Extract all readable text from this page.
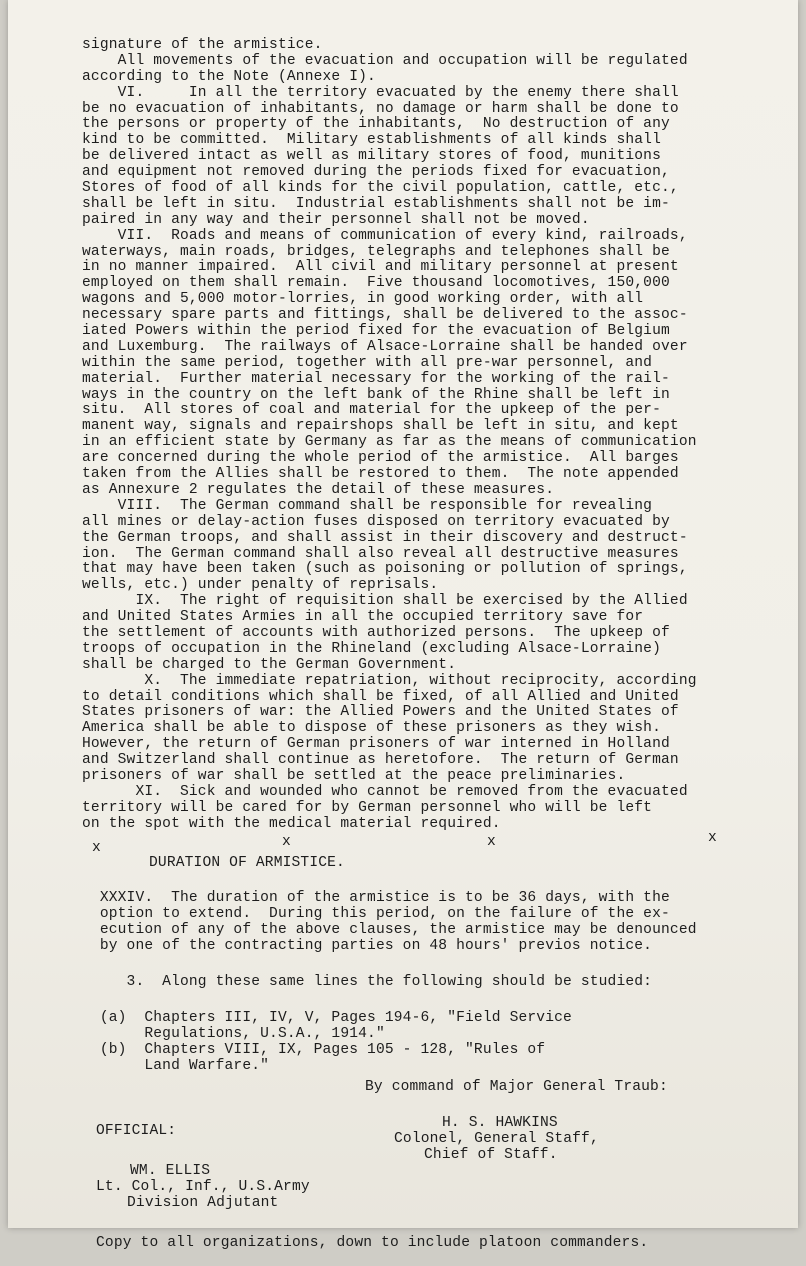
signature of the armistice.
All movements of the evacuation and occupation will be regulated
according to the Note (Annexe I).
VI.     In all the territory evacuated by the enemy there shall
be no evacuation of inhabitants, no damage or harm shall be done to
the persons or property of the inhabitants,  No destruction of any
kind to be committed.  Military establishments of all kinds shall
be delivered intact as well as military stores of food, munitions
and equipment not removed during the periods fixed for evacuation,
Stores of food of all kinds for the civil population, cattle, etc.,
shall be left in situ.  Industrial establishments shall not be im-
paired in any way and their personnel shall not be moved.
VII.  Roads and means of communication of every kind, railroads,
waterways, main roads, bridges, telegraphs and telephones shall be
in no manner impaired.  All civil and military personnel at present
employed on them shall remain.  Five thousand locomotives, 150,000
wagons and 5,000 motor-lorries, in good working order, with all
necessary spare parts and fittings, shall be delivered to the assoc-
iated Powers within the period fixed for the evacuation of Belgium
and Luxemburg.  The railways of Alsace-Lorraine shall be handed over
within the same period, together with all pre-war personnel, and
material.  Further material necessary for the working of the rail-
ways in the country on the left bank of the Rhine shall be left in
situ.  All stores of coal and material for the upkeep of the per-
manent way, signals and repairshops shall be left in situ, and kept
in an efficient state by Germany as far as the means of communication
are concerned during the whole period of the armistice.  All barges
taken from the Allies shall be restored to them.  The note appended
as Annexure 2 regulates the detail of these measures.
VIII.  The German command shall be responsible for revealing
all mines or delay-action fuses disposed on territory evacuated by
the German troops, and shall assist in their discovery and destruct-
ion.  The German command shall also reveal all destructive measures
that may have been taken (such as poisoning or pollution of springs,
wells, etc.) under penalty of reprisals.
IX.  The right of requisition shall be exercised by the Allied
and United States Armies in all the occupied territory save for
the settlement of accounts with authorized persons.  The upkeep of
troops of occupation in the Rhineland (excluding Alsace-Lorraine)
shall be charged to the German Government.
X.  The immediate repatriation, without reciprocity, according
to detail conditions which shall be fixed, of all Allied and United
States prisoners of war: the Allied Powers and the United States of
America shall be able to dispose of these prisoners as they wish.
However, the return of German prisoners of war interned in Holland
and Switzerland shall continue as heretofore.  The return of German
prisoners of war shall be settled at the peace preliminaries.
XI.  Sick and wounded who cannot be removed from the evacuated
territory will be cared for by German personnel who will be left
on the spot with the medical material required.
x	x	x	x
DURATION OF ARMISTICE.
XXXIV.  The duration of the armistice is to be 36 days, with the
option to extend.  During this period, on the failure of the ex-
ecution of any of the above clauses, the armistice may be denounced
by one of the contracting parties on 48 hours' previos notice.
3.  Along these same lines the following should be studied:
(a)  Chapters III, IV, V, Pages 194-6, "Field Service
Regulations, U.S.A., 1914."
(b)  Chapters VIII, IX, Pages 105 - 128, "Rules of
Land Warfare."
By command of Major General Traub:
H. S. HAWKINS
Colonel, General Staff,
Chief of Staff.
OFFICIAL:
WM. ELLIS
Lt. Col., Inf., U.S.Army
Division Adjutant
Copy to all organizations, down to include platoon commanders.
